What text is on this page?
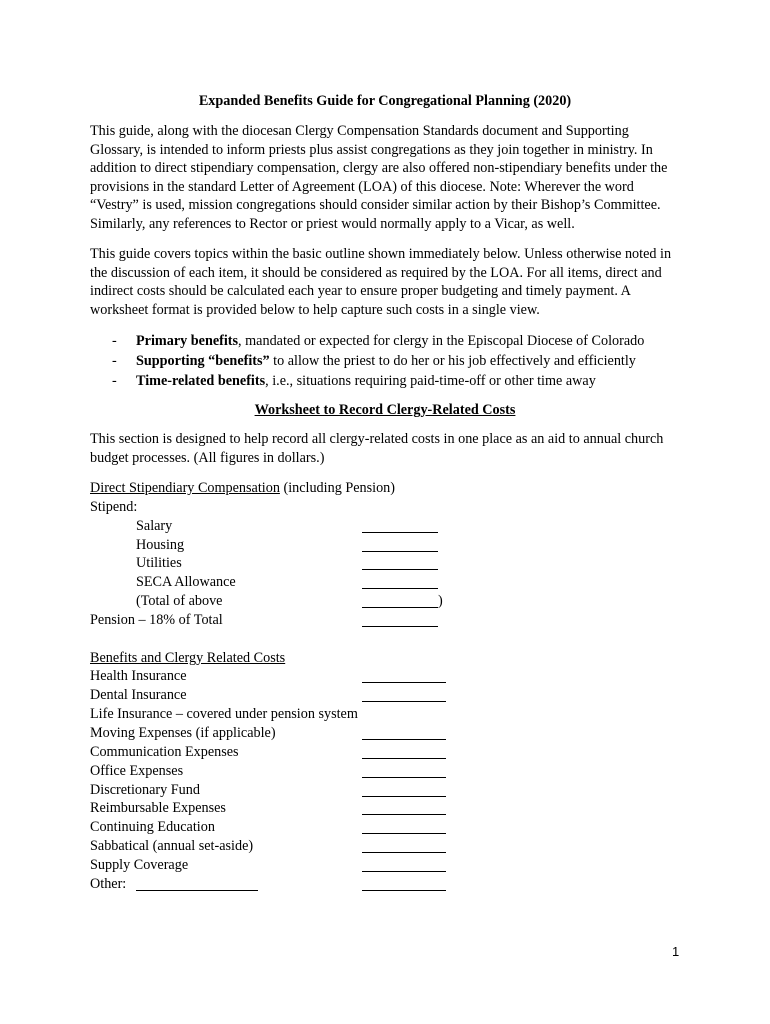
Expanded Benefits Guide for Congregational Planning (2020)

This guide, along with the diocesan Clergy Compensation Standards document and Supporting Glossary, is intended to inform priests plus assist congregations as they join together in ministry. In addition to direct stipendiary compensation, clergy are also offered non-stipendiary benefits under the provisions in the standard Letter of Agreement (LOA) of this diocese. Note: Wherever the word “Vestry” is used, mission congregations should consider similar action by their Bishop’s Committee. Similarly, any references to Rector or priest would normally apply to a Vicar, as well.

This guide covers topics within the basic outline shown immediately below. Unless otherwise noted in the discussion of each item, it should be considered as required by the LOA. For all items, direct and indirect costs should be calculated each year to ensure proper budgeting and timely payment. A worksheet format is provided below to help capture such costs in a single view.

- Primary benefits, mandated or expected for clergy in the Episcopal Diocese of Colorado
- Supporting “benefits” to allow the priest to do her or his job effectively and efficiently
- Time-related benefits, i.e., situations requiring paid-time-off or other time away
Worksheet to Record Clergy-Related Costs

This section is designed to help record all clergy-related costs in one place as an aid to annual church budget processes. (All figures in dollars.)

Direct Stipendiary Compensation (including Pension)
Stipend:
Salary
Housing
Utilities
SECA Allowance
(Total of above	)
Pension – 18% of Total
Benefits and Clergy Related Costs
Health Insurance
Dental Insurance
Life Insurance – covered under pension system
Moving Expenses (if applicable)
Communication Expenses
Office Expenses
Discretionary Fund
Reimbursable Expenses
Continuing Education
Sabbatical (annual set-aside)
Supply Coverage
Other:
1
